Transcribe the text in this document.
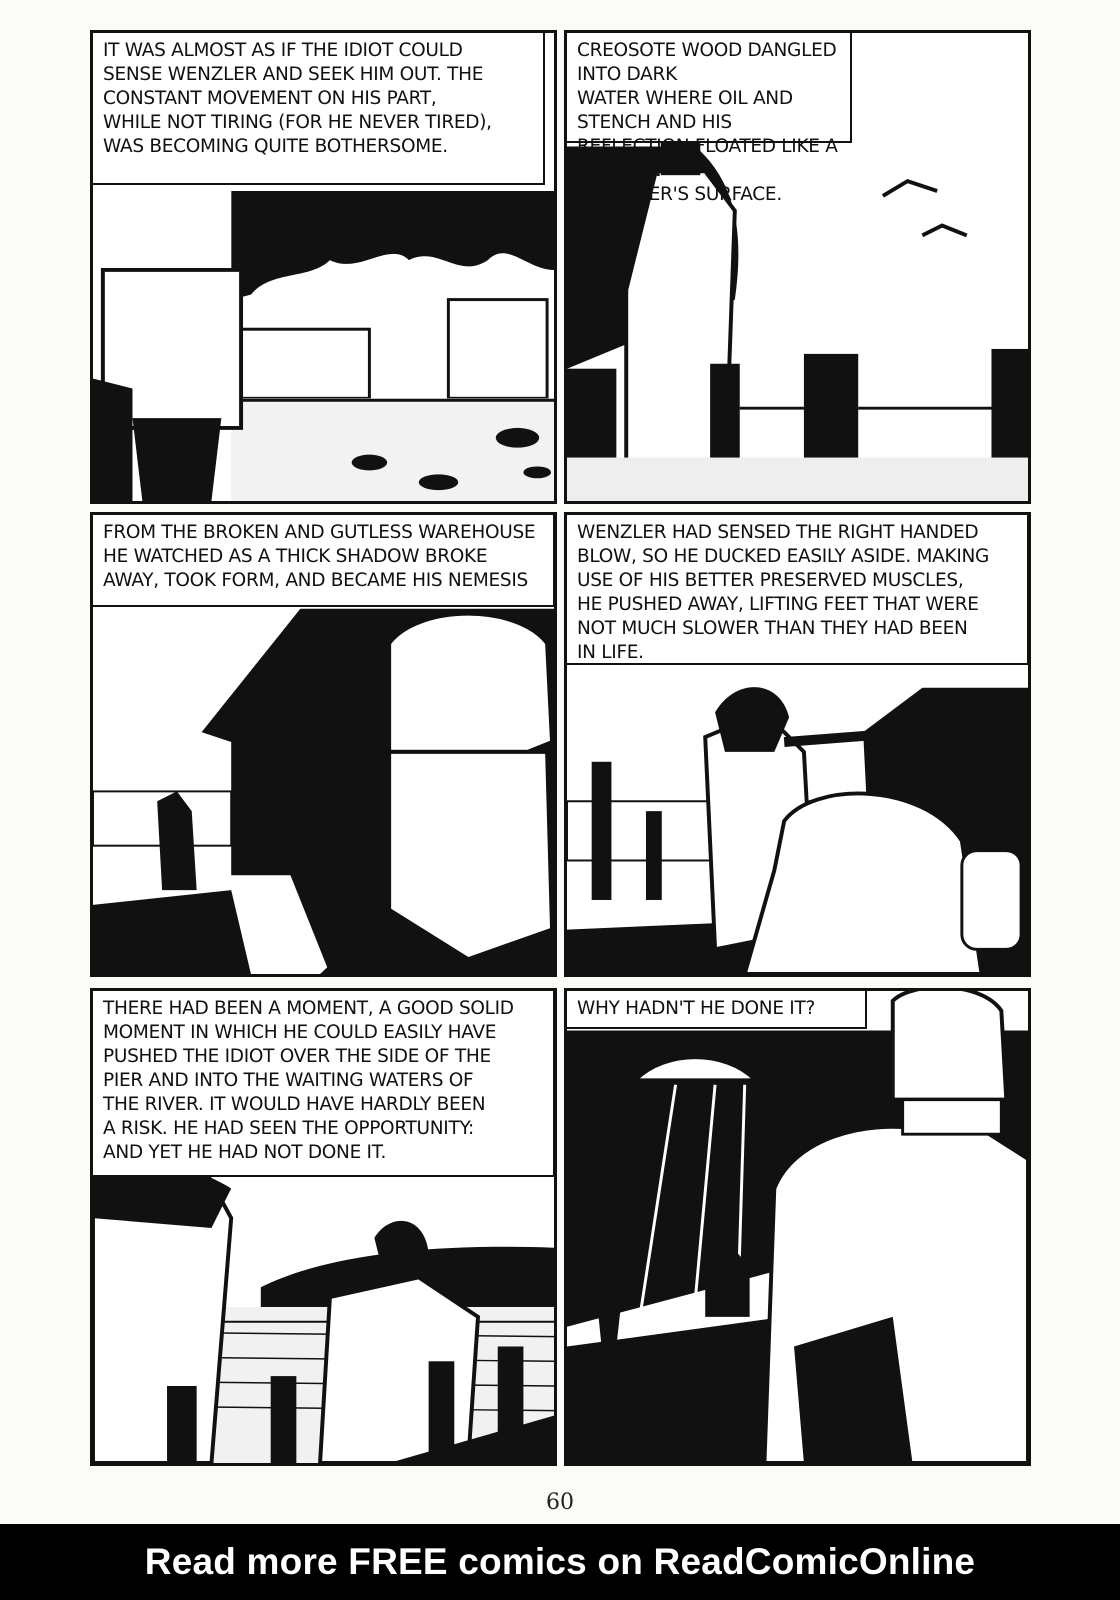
IT WAS ALMOST AS IF THE IDIOT COULD
SENSE WENZLER AND SEEK HIM OUT. THE
CONSTANT MOVEMENT ON HIS PART,
WHILE NOT TIRING (FOR HE NEVER TIRED),
WAS BECOMING QUITE BOTHERSOME.
CREOSOTE WOOD DANGLED INTO DARK
WATER WHERE OIL AND STENCH AND HIS
REFLECTION FLOATED LIKE A TURD ON
THE RIVER'S SURFACE.
FROM THE BROKEN AND GUTLESS WAREHOUSE
HE WATCHED AS A THICK SHADOW BROKE
AWAY, TOOK FORM, AND BECAME HIS NEMESIS
WENZLER HAD SENSED THE RIGHT HANDED
BLOW, SO HE DUCKED EASILY ASIDE. MAKING
USE OF HIS BETTER PRESERVED MUSCLES,
HE PUSHED AWAY, LIFTING FEET THAT WERE
NOT MUCH SLOWER THAN THEY HAD BEEN
IN LIFE.
THERE HAD BEEN A MOMENT, A GOOD SOLID
MOMENT IN WHICH HE COULD EASILY HAVE
PUSHED THE IDIOT OVER THE SIDE OF THE
PIER AND INTO THE WAITING WATERS OF
THE RIVER. IT WOULD HAVE HARDLY BEEN
A RISK. HE HAD SEEN THE OPPORTUNITY:
AND YET HE HAD NOT DONE IT.
WHY HADN'T HE DONE IT?
60
Read more FREE comics on ReadComicOnline
